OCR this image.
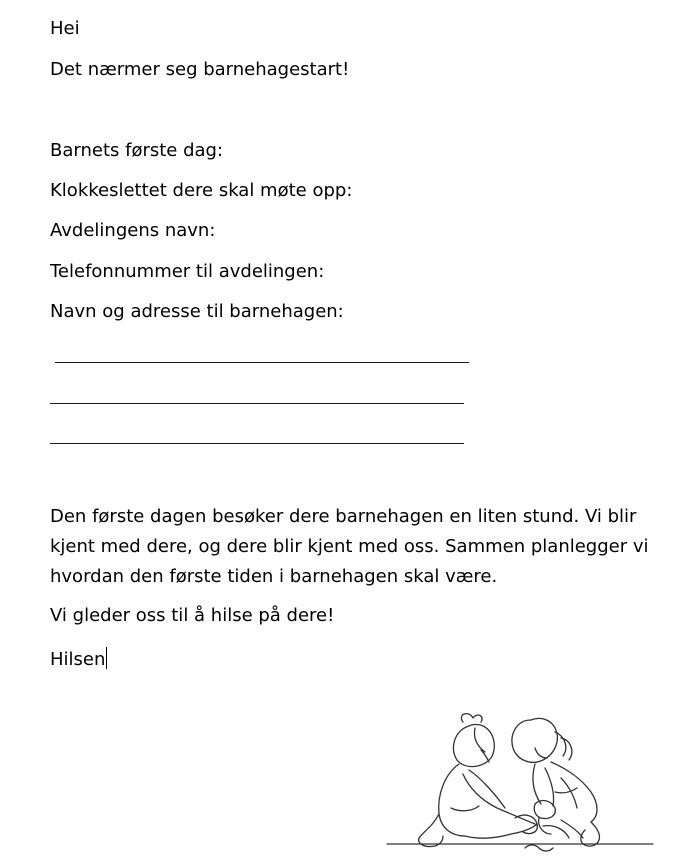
Hei

Det nærmer seg barnehagestart!

Barnets første dag:

Klokkeslettet dere skal møte opp:

Avdelingens navn:

Telefonnummer til avdelingen:

Navn og adresse til barnehagen:

Den første dagen besøker dere barnehagen en liten stund. Vi blir
kjent med dere, og dere blir kjent med oss. Sammen planlegger vi
hvordan den første tiden i barnehagen skal være.

Vi gleder oss til å hilse på dere!

Hilsen
